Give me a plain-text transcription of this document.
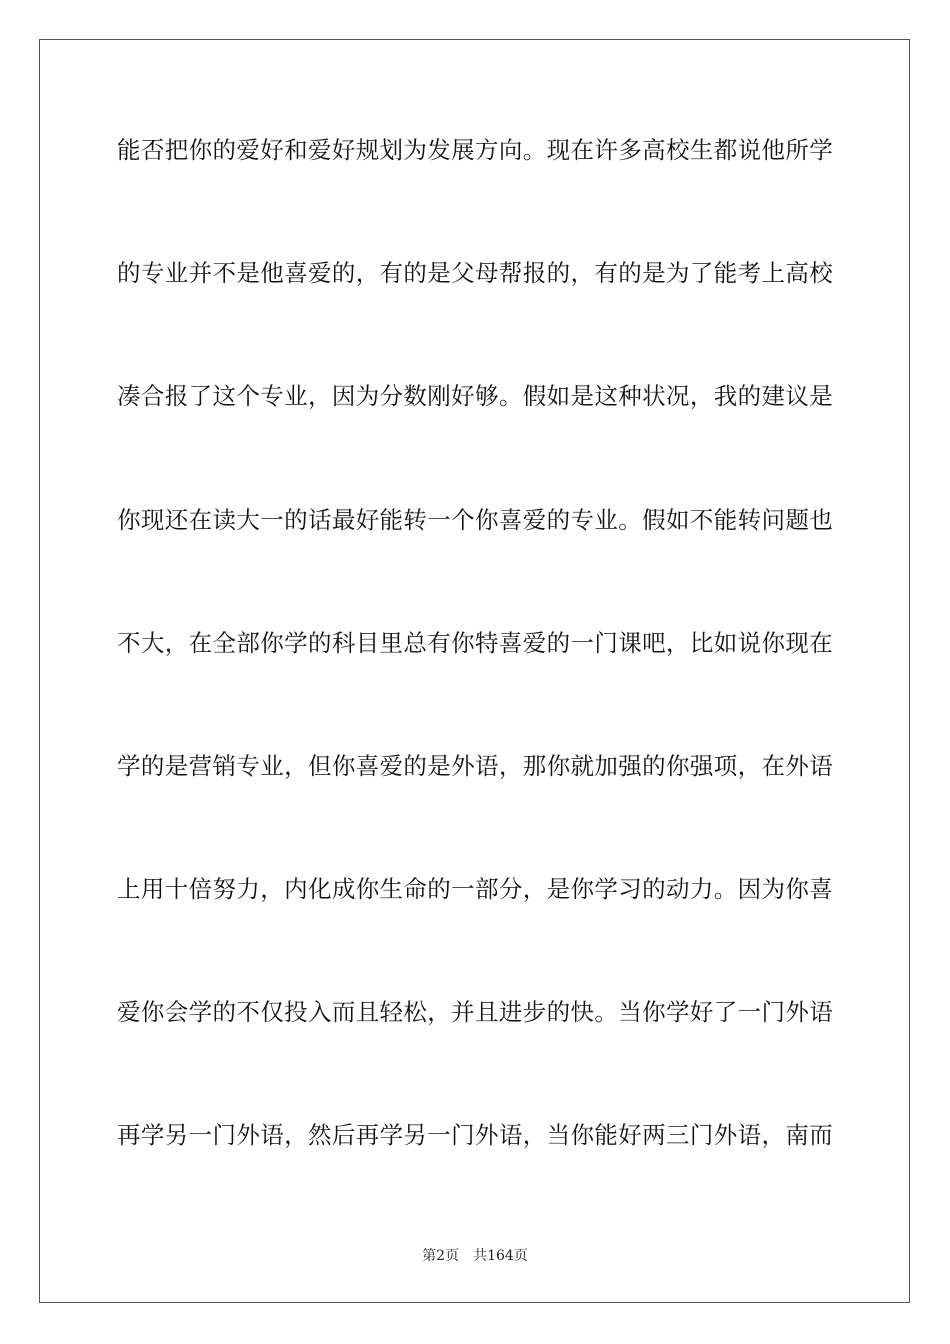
能否把你的爱好和爱好规划为发展方向。现在许多高校生都说他所学
的专业并不是他喜爱的，有的是父母帮报的，有的是为了能考上高校
凑合报了这个专业，因为分数刚好够。假如是这种状况，我的建议是
你现还在读大一的话最好能转一个你喜爱的专业。假如不能转问题也
不大，在全部你学的科目里总有你特喜爱的一门课吧，比如说你现在
学的是营销专业，但你喜爱的是外语，那你就加强的你强项，在外语
上用十倍努力，内化成你生命的一部分，是你学习的动力。因为你喜
爱你会学的不仅投入而且轻松，并且进步的快。当你学好了一门外语
再学另一门外语，然后再学另一门外语，当你能好两三门外语，南而
第2页 共164页
